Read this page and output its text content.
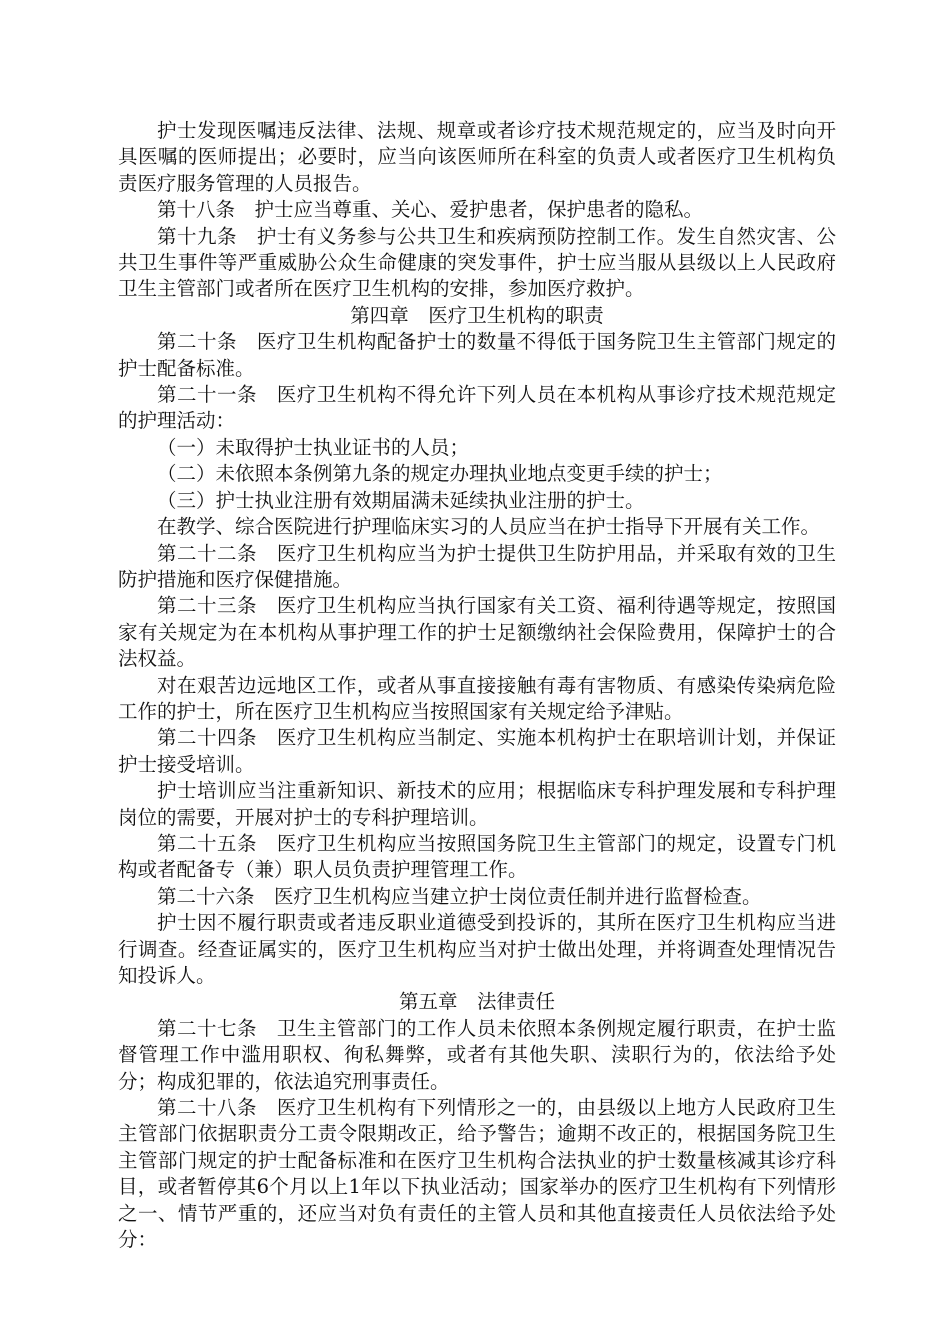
护士发现医嘱违反法律、法规、规章或者诊疗技术规范规定的，应当及时向开具医嘱的医师提出；必要时，应当向该医师所在科室的负责人或者医疗卫生机构负责医疗服务管理的人员报告。

第十八条　护士应当尊重、关心、爱护患者，保护患者的隐私。

第十九条　护士有义务参与公共卫生和疾病预防控制工作。发生自然灾害、公共卫生事件等严重威胁公众生命健康的突发事件，护士应当服从县级以上人民政府卫生主管部门或者所在医疗卫生机构的安排，参加医疗救护。

第四章　医疗卫生机构的职责

第二十条　医疗卫生机构配备护士的数量不得低于国务院卫生主管部门规定的护士配备标准。

第二十一条　医疗卫生机构不得允许下列人员在本机构从事诊疗技术规范规定的护理活动：

（一）未取得护士执业证书的人员；

（二）未依照本条例第九条的规定办理执业地点变更手续的护士；

（三）护士执业注册有效期届满未延续执业注册的护士。

在教学、综合医院进行护理临床实习的人员应当在护士指导下开展有关工作。

第二十二条　医疗卫生机构应当为护士提供卫生防护用品，并采取有效的卫生防护措施和医疗保健措施。

第二十三条　医疗卫生机构应当执行国家有关工资、福利待遇等规定，按照国家有关规定为在本机构从事护理工作的护士足额缴纳社会保险费用，保障护士的合法权益。

对在艰苦边远地区工作，或者从事直接接触有毒有害物质、有感染传染病危险工作的护士，所在医疗卫生机构应当按照国家有关规定给予津贴。

第二十四条　医疗卫生机构应当制定、实施本机构护士在职培训计划，并保证护士接受培训。

护士培训应当注重新知识、新技术的应用；根据临床专科护理发展和专科护理岗位的需要，开展对护士的专科护理培训。

第二十五条　医疗卫生机构应当按照国务院卫生主管部门的规定，设置专门机构或者配备专（兼）职人员负责护理管理工作。

第二十六条　医疗卫生机构应当建立护士岗位责任制并进行监督检查。

护士因不履行职责或者违反职业道德受到投诉的，其所在医疗卫生机构应当进行调查。经查证属实的，医疗卫生机构应当对护士做出处理，并将调查处理情况告知投诉人。

第五章　法律责任

第二十七条　卫生主管部门的工作人员未依照本条例规定履行职责，在护士监督管理工作中滥用职权、徇私舞弊，或者有其他失职、渎职行为的，依法给予处分；构成犯罪的，依法追究刑事责任。

第二十八条　医疗卫生机构有下列情形之一的，由县级以上地方人民政府卫生主管部门依据职责分工责令限期改正，给予警告；逾期不改正的，根据国务院卫生主管部门规定的护士配备标准和在医疗卫生机构合法执业的护士数量核减其诊疗科目，或者暂停其6个月以上1年以下执业活动；国家举办的医疗卫生机构有下列情形之一、情节严重的，还应当对负有责任的主管人员和其他直接责任人员依法给予处分：
